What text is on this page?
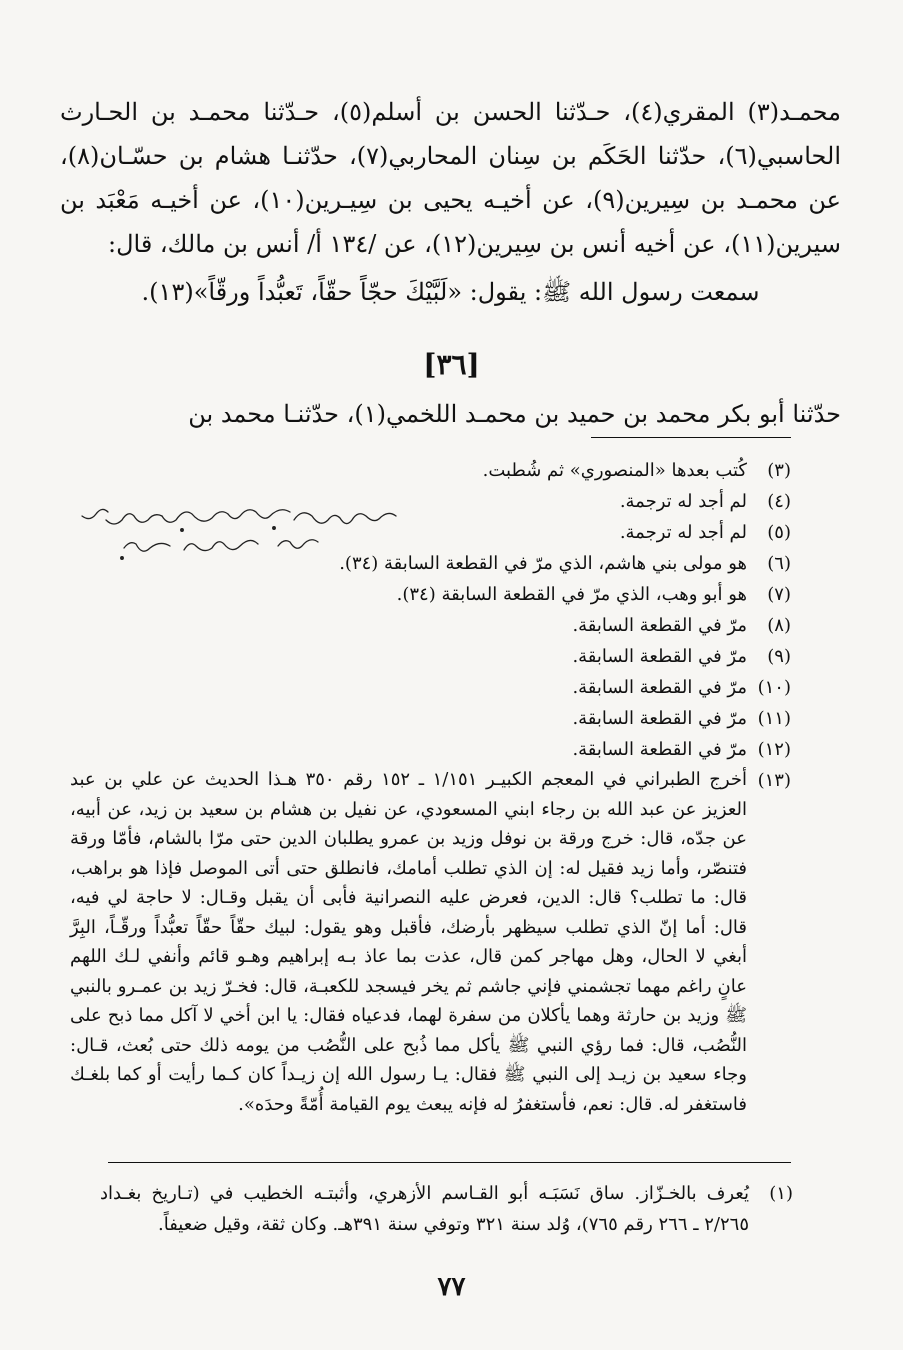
محمـد(٣) المقري(٤)، حـدّثنا الحسن بن أسلم(٥)، حـدّثنا محمـد بن الحـارث الحاسبي(٦)، حدّثنا الحَكَم بن سِنان المحاربي(٧)، حدّثنـا هشام بن حسّـان(٨)، عن محمـد بن سِيرين(٩)، عن أخيـه يحيى بن سِيـرين(١٠)، عن أخيـه مَعْبَد بن سيرين(١١)، عن أخيه أنس بن سِيرين(١٢)، عن /١٣٤ أ/ أنس بن مالك، قال:

سمعت رسول الله ﷺ: يقول: «لَبَّيْكَ حجّاً حقّاً، تَعبُّداً ورقّاً»(١٣).

[٣٦]
حدّثنا أبو بكر محمد بن حميد بن محمـد اللخمي(١)، حدّثنـا محمد بن
(٣)
كُتب بعدها «المنصوري» ثم شُطبت.
(٤)
لم أجد له ترجمة.
(٥)
لم أجد له ترجمة.
(٦)
هو مولى بني هاشم، الذي مرّ في القطعة السابقة (٣٤).
(٧)
هو أبو وهب، الذي مرّ في القطعة السابقة (٣٤).
(٨)
مرّ في القطعة السابقة.
(٩)
مرّ في القطعة السابقة.
(١٠)
مرّ في القطعة السابقة.
(١١)
مرّ في القطعة السابقة.
(١٢)
مرّ في القطعة السابقة.
(١٣)
أخرج الطبراني في المعجم الكبيـر ١/١٥١ ـ ١٥٢ رقم ٣٥٠ هـذا الحديث عن علي بن عبد العزيز عن عبد الله بن رجاء ابني المسعودي، عن نفيل بن هشام بن سعيد بن زيد، عن أبيه، عن جدّه، قال: خرج ورقة بن نوفل وزيد بن عمرو يطلبان الدين حتى مرّا بالشام، فأمّا ورقة فتنصّر، وأما زيد فقيل له: إن الذي تطلب أمامك، فانطلق حتى أتى الموصل فإذا هو براهب، قال: ما تطلب؟ قال: الدين، فعرض عليه النصرانية فأبى أن يقبل وقـال: لا حاجة لي فيه، قال: أما إنّ الذي تطلب سيظهر بأرضك، فأقبل وهو يقول: لبيك حقّاً حقّاً تعبُّداً ورقّـاً، البِرَّ أبغي لا الحال، وهل مهاجر كمن قال، عذت بما عاذ بـه إبراهيم وهـو قائم وأنفي لـك اللهم عانٍ راغم مهما تجشمني فإني جاشم ثم يخر فيسجد للكعبـة، قال: فخـرّ زيد بن عمـرو بالنبي ﷺ وزيد بن حارثة وهما يأكلان من سفرة لهما، فدعياه فقال: يا ابن أخي لا آكل مما ذبح على النُّصُب، قال: فما رؤي النبي ﷺ يأكل مما ذُبح على النُّصُب من يومه ذلك حتى بُعث، قـال: وجاء سعيد بن زيـد إلى النبي ﷺ فقال: يـا رسول الله إن زيـداً كان كـما رأيت أو كما بلغـك فاستغفر له. قال: نعم، فأستغفرُ له فإنه يبعث يوم القيامة أُمّةً وحدَه».
(١)
يُعرف بالخـزّاز. ساق نَسَبَـه أبو القـاسم الأزهري، وأثبتـه الخطيب في (تـاريخ بغـداد ٢/٢٦٥ ـ ٢٦٦ رقم ٧٦٥)، وُلد سنة ٣٢١ وتوفي سنة ٣٩١هـ. وكان ثقة، وقيل ضعيفاً.
٧٧
